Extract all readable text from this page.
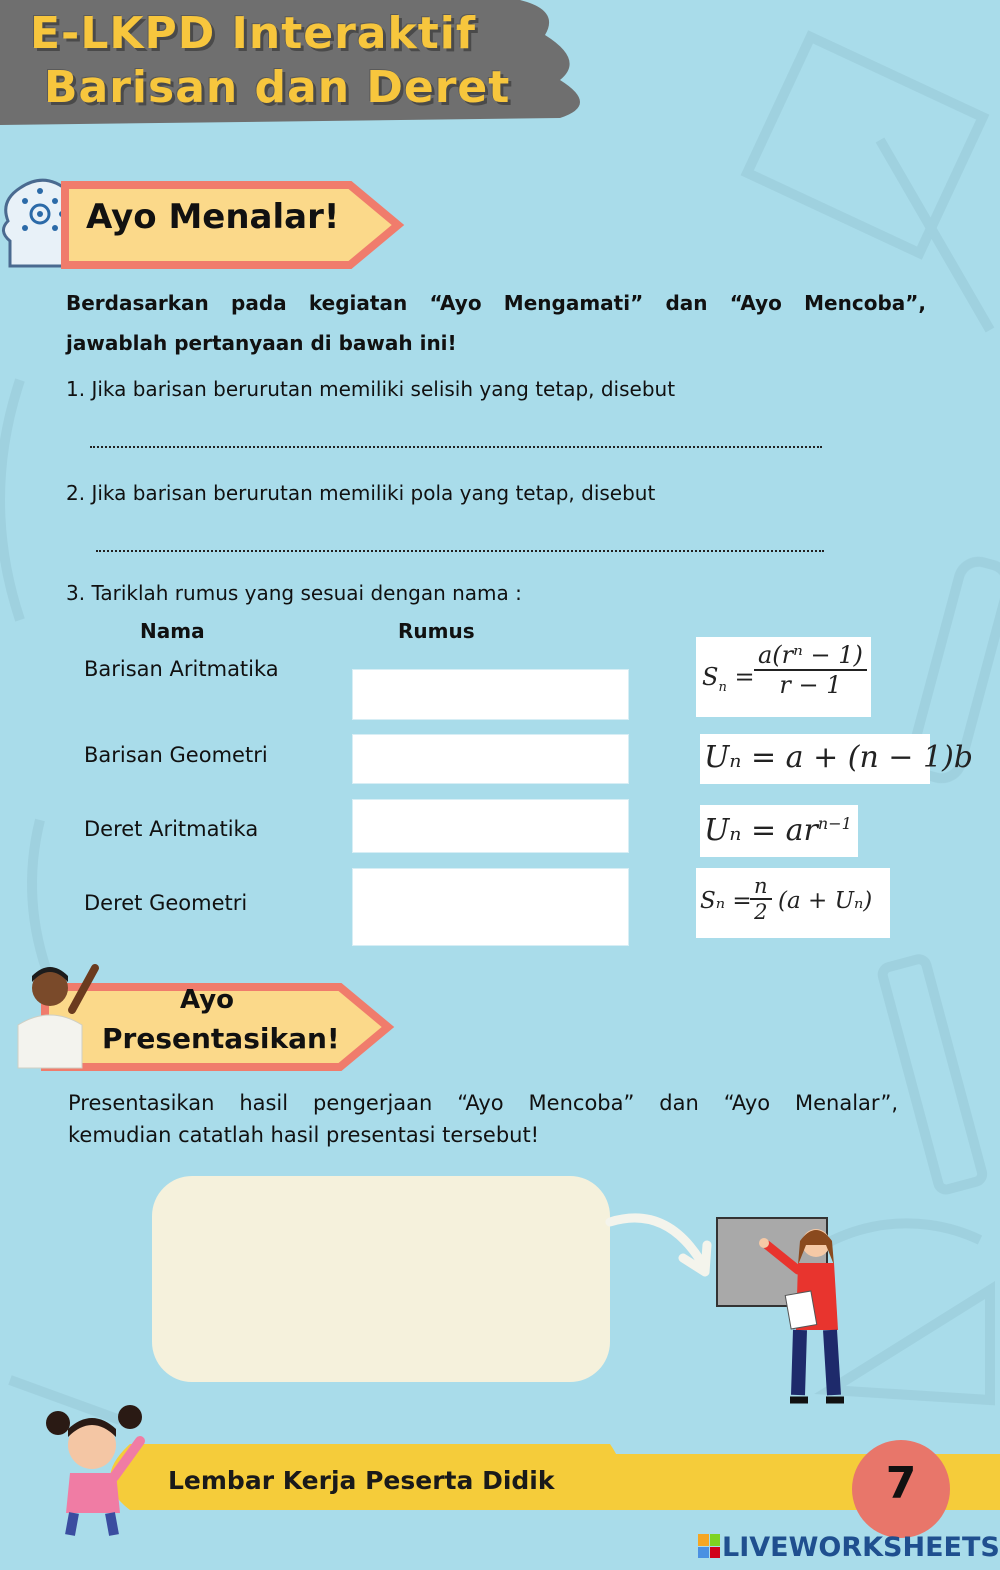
E-LKPD Interaktif
Barisan dan Deret
Ayo Menalar!
Berdasarkan pada kegiatan “Ayo Mengamati” dan “Ayo Mencoba”,
jawablah pertanyaan di bawah ini!
1. Jika barisan berurutan memiliki selisih yang tetap, disebut
2. Jika barisan berurutan memiliki pola yang tetap, disebut
3. Tariklah rumus yang sesuai dengan nama :
Nama	Rumus
Barisan Aritmatika
Barisan Geometri
Deret Aritmatika
Deret Geometri
$S_n = \frac{\text{a(rⁿ − 1)}}{r - 1}$
Uₙ = a + (n − 1)b
$U_n = ar^{n-1}$
Sₙ =
$\frac{n}{2} (a + U_n)$
Ayo
Presentasikan!
Presentasikan hasil pengerjaan “Ayo Mencoba” dan “Ayo Menalar”,
kemudian catatlah hasil presentasi tersebut!
Lembar Kerja Peserta Didik	7
LIVEWORKSHEETS
